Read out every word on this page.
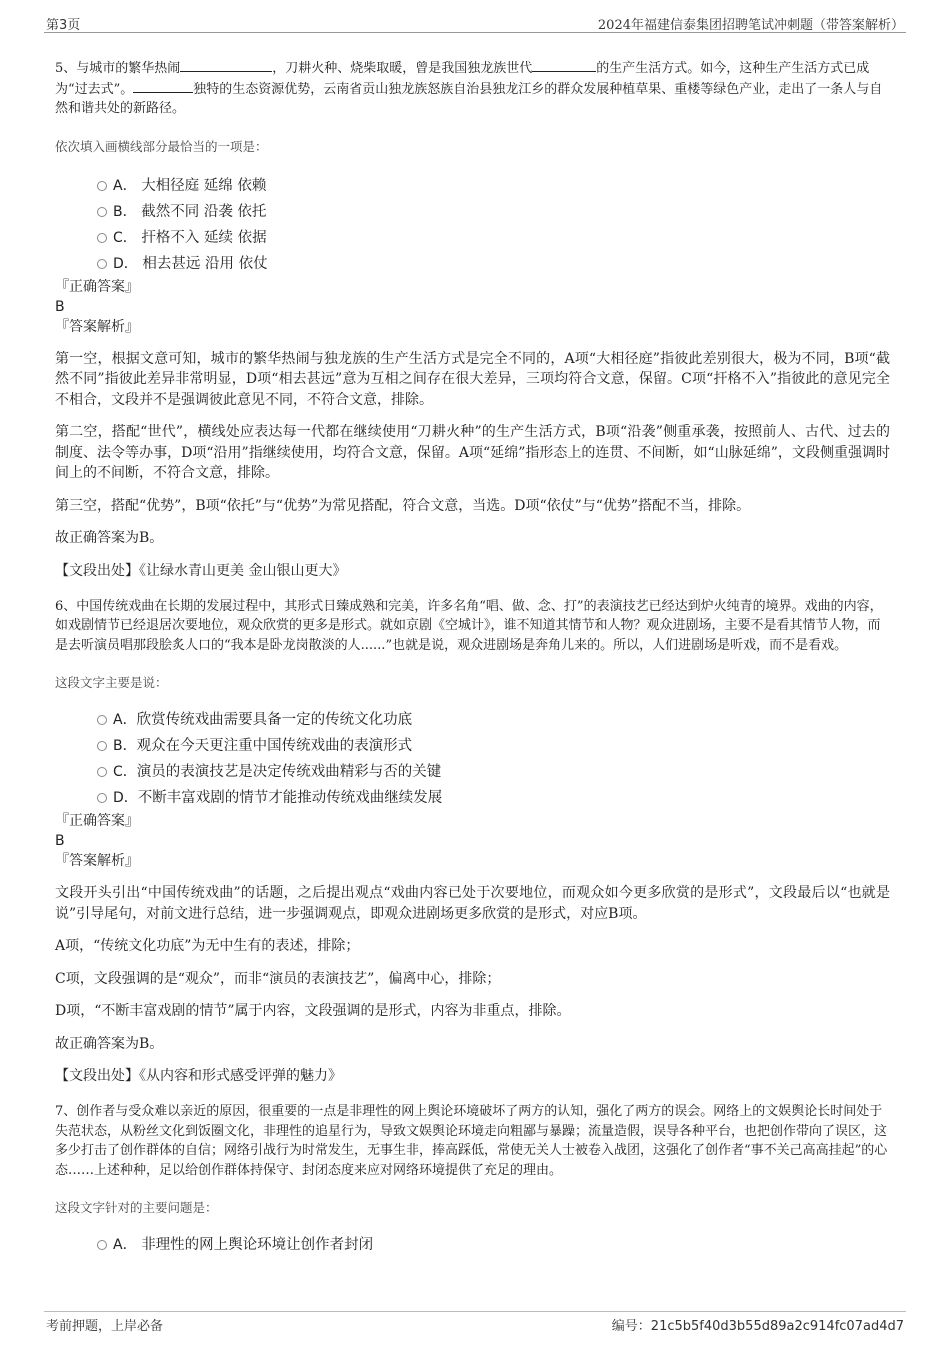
第3页	2024年福建信泰集团招聘笔试冲刺题（带答案解析）

5、与城市的繁华热闹	，刀耕火种、烧柴取暖，曾是我国独龙族世代	的生产生活方式。如今，这种生产生活方式已成为“过去式”。	独特的生态资源优势，云南省贡山独龙族怒族自治县独龙江乡的群众发展种植草果、重楼等绿色产业，走出了一条人与自然和谐共处的新路径。

依次填入画横线部分最恰当的一项是：

A． 大相径庭 延绵 依赖
B． 截然不同 沿袭 依托
C． 扞格不入 延续 依据
D． 相去甚远 沿用 依仗

『正确答案』

B

『答案解析』

第一空，根据文意可知，城市的繁华热闹与独龙族的生产生活方式是完全不同的，A项“大相径庭”指彼此差别很大，极为不同，B项“截然不同”指彼此差异非常明显，D项“相去甚远”意为互相之间存在很大差异，三项均符合文意，保留。C项“扞格不入”指彼此的意见完全不相合，文段并不是强调彼此意见不同，不符合文意，排除。

第二空，搭配“世代”，横线处应表达每一代都在继续使用“刀耕火种”的生产生活方式，B项“沿袭”侧重承袭，按照前人、古代、过去的制度、法令等办事，D项“沿用”指继续使用，均符合文意，保留。A项“延绵”指形态上的连贯、不间断，如“山脉延绵”，文段侧重强调时间上的不间断，不符合文意，排除。

第三空，搭配“优势”，B项“依托”与“优势”为常见搭配，符合文意，当选。D项“依仗”与“优势”搭配不当，排除。

故正确答案为B。

【文段出处】《让绿水青山更美 金山银山更大》

6、中国传统戏曲在长期的发展过程中，其形式日臻成熟和完美，许多名角“唱、做、念、打”的表演技艺已经达到炉火纯青的境界。戏曲的内容，如戏剧情节已经退居次要地位，观众欣赏的更多是形式。就如京剧《空城计》，谁不知道其情节和人物？观众进剧场，主要不是看其情节人物，而是去听演员唱那段脍炙人口的“我本是卧龙岗散淡的人......”也就是说，观众进剧场是奔角儿来的。所以，人们进剧场是听戏，而不是看戏。

这段文字主要是说：

A．欣赏传统戏曲需要具备一定的传统文化功底
B．观众在今天更注重中国传统戏曲的表演形式
C．演员的表演技艺是决定传统戏曲精彩与否的关键
D．不断丰富戏剧的情节才能推动传统戏曲继续发展

『正确答案』

B

『答案解析』

文段开头引出“中国传统戏曲”的话题，之后提出观点“戏曲内容已处于次要地位，而观众如今更多欣赏的是形式”，文段最后以“也就是说”引导尾句，对前文进行总结，进一步强调观点，即观众进剧场更多欣赏的是形式，对应B项。

A项，“传统文化功底”为无中生有的表述，排除；

C项，文段强调的是“观众”，而非“演员的表演技艺”，偏离中心，排除；

D项，“不断丰富戏剧的情节”属于内容，文段强调的是形式，内容为非重点，排除。

故正确答案为B。

【文段出处】《从内容和形式感受评弹的魅力》

7、创作者与受众难以亲近的原因，很重要的一点是非理性的网上舆论环境破坏了两方的认知，强化了两方的误会。网络上的文娱舆论长时间处于失范状态，从粉丝文化到饭圈文化，非理性的追星行为，导致文娱舆论环境走向粗鄙与暴躁；流量造假，误导各种平台，也把创作带向了误区，这多少打击了创作群体的自信；网络引战行为时常发生，无事生非，捧高踩低，常使无关人士被卷入战团，这强化了创作者“事不关己高高挂起”的心态……上述种种，足以给创作群体持保守、封闭态度来应对网络环境提供了充足的理由。

这段文字针对的主要问题是：

A． 非理性的网上舆论环境让创作者封闭
考前押题，上岸必备	编号：21c5b5f40d3b55d89a2c914fc07ad4d7
